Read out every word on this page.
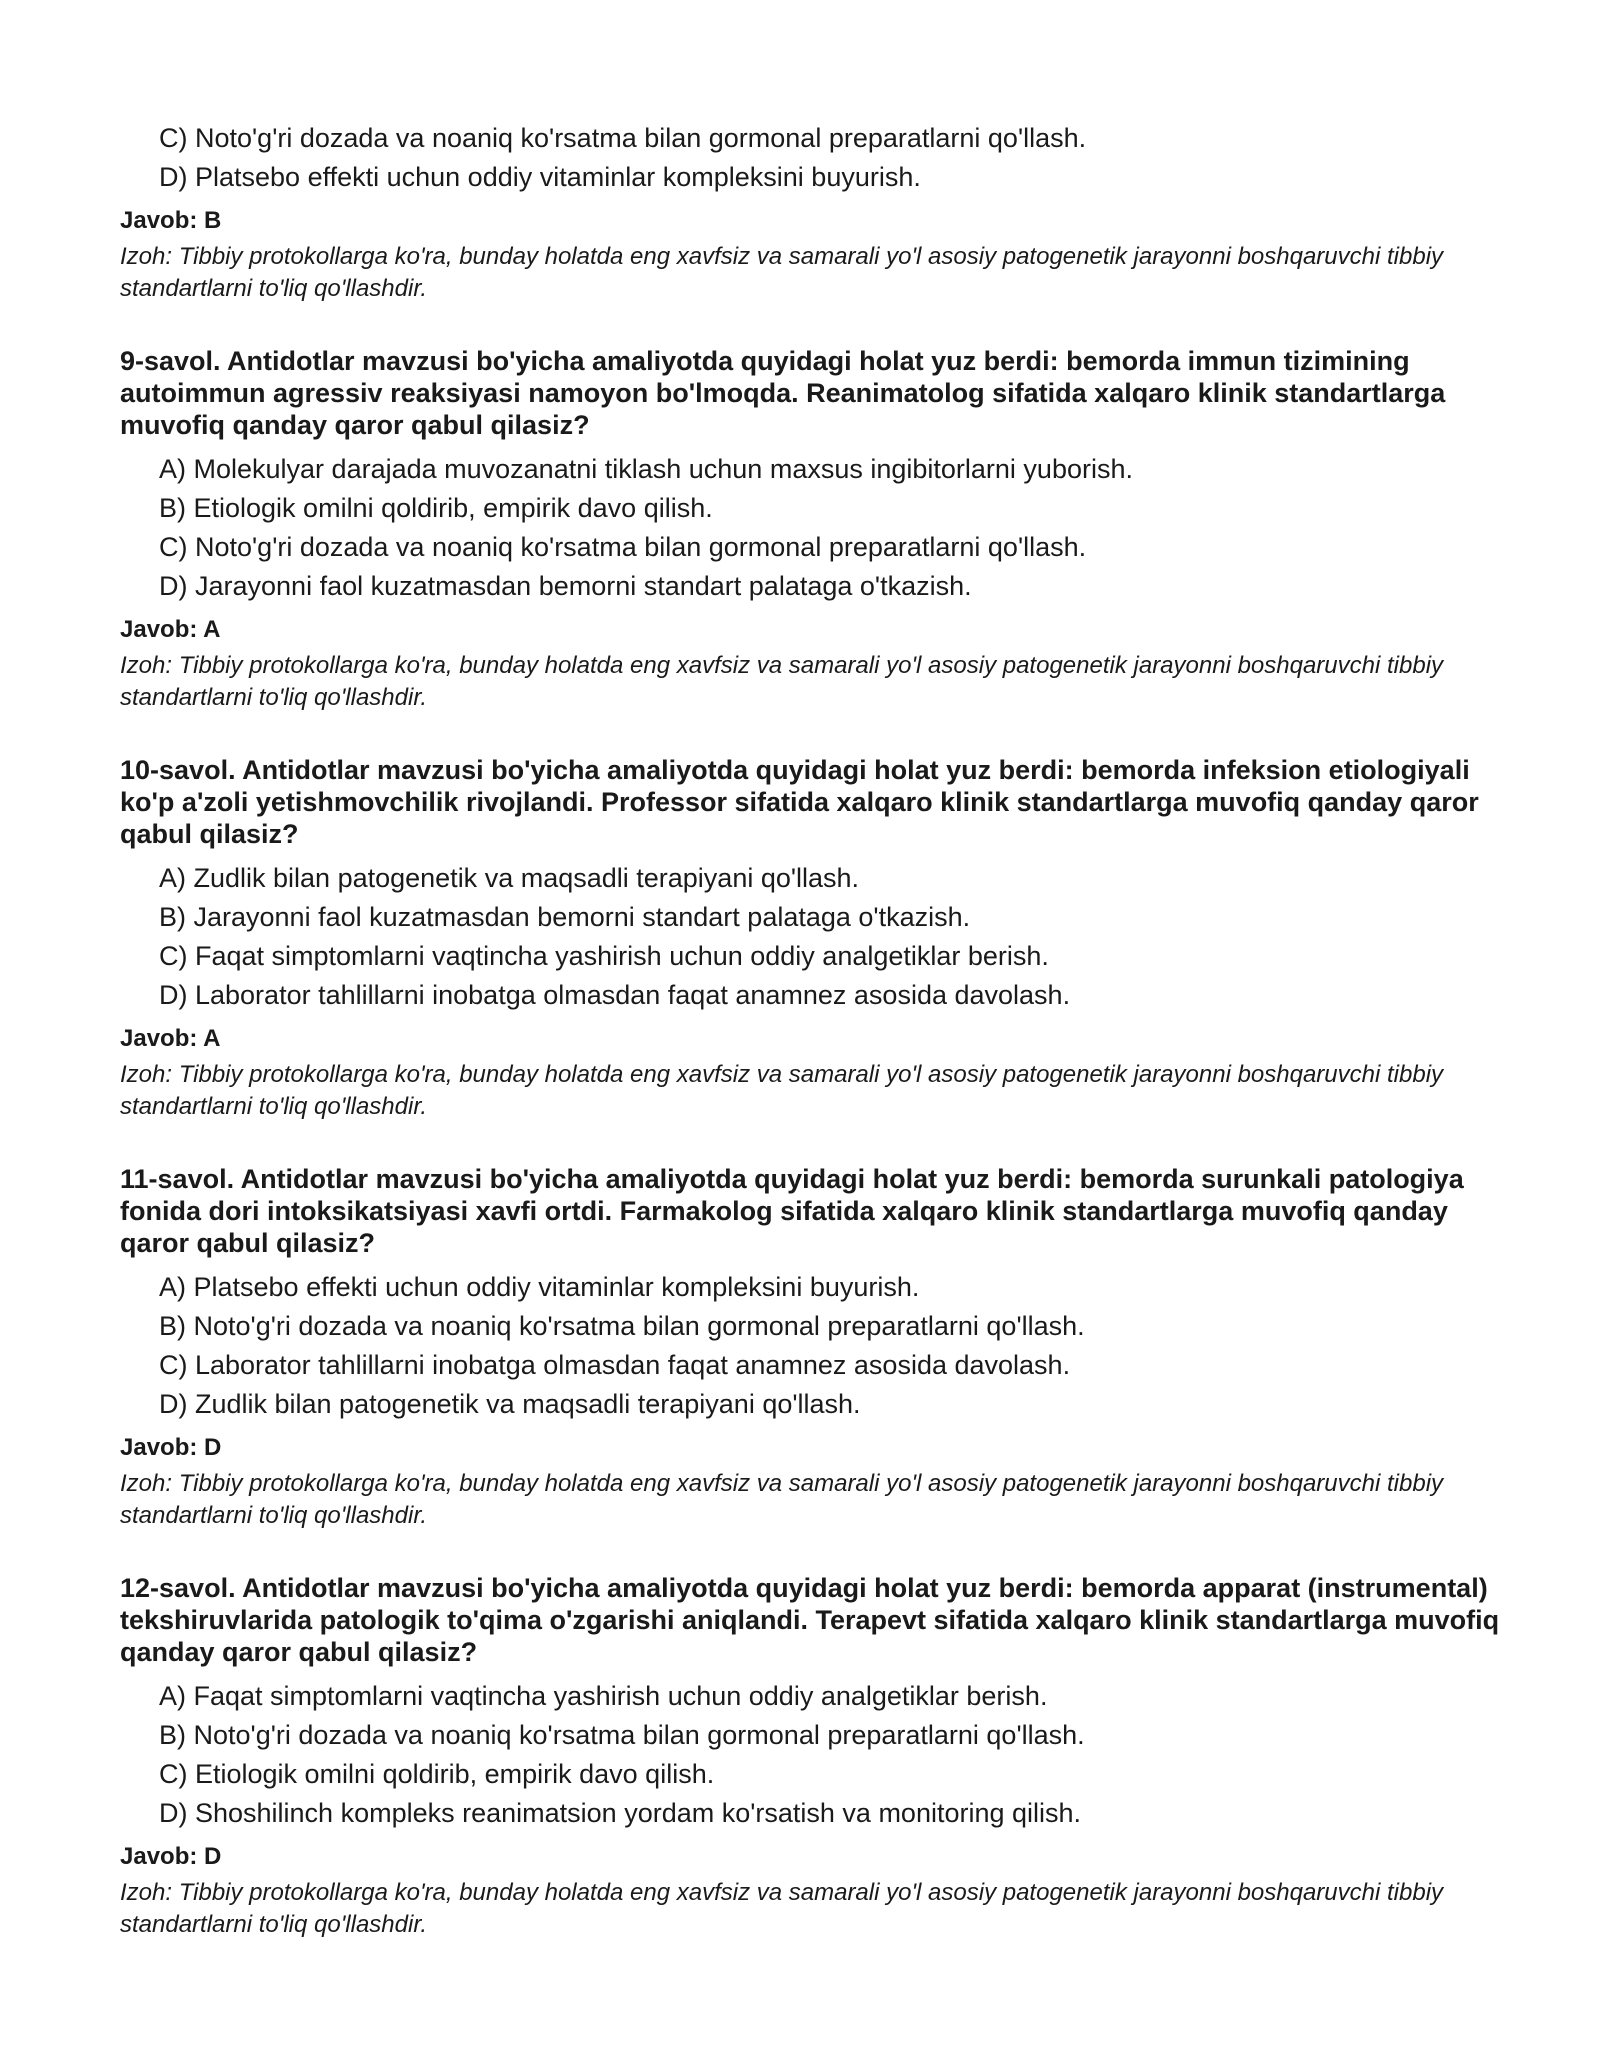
C) Noto'g'ri dozada va noaniq ko'rsatma bilan gormonal preparatlarni qo'llash.
D) Platsebo effekti uchun oddiy vitaminlar kompleksini buyurish.
Javob: B
Izoh: Tibbiy protokollarga ko'ra, bunday holatda eng xavfsiz va samarali yo'l asosiy patogenetik jarayonni boshqaruvchi tibbiy standartlarni to'liq qo'llashdir.
9-savol. Antidotlar mavzusi bo'yicha amaliyotda quyidagi holat yuz berdi: bemorda immun tizimining autoimmun agressiv reaksiyasi namoyon bo'lmoqda. Reanimatolog sifatida xalqaro klinik standartlarga muvofiq qanday qaror qabul qilasiz?
A) Molekulyar darajada muvozanatni tiklash uchun maxsus ingibitorlarni yuborish.
B) Etiologik omilni qoldirib, empirik davo qilish.
C) Noto'g'ri dozada va noaniq ko'rsatma bilan gormonal preparatlarni qo'llash.
D) Jarayonni faol kuzatmasdan bemorni standart palataga o'tkazish.
Javob: A
Izoh: Tibbiy protokollarga ko'ra, bunday holatda eng xavfsiz va samarali yo'l asosiy patogenetik jarayonni boshqaruvchi tibbiy standartlarni to'liq qo'llashdir.
10-savol. Antidotlar mavzusi bo'yicha amaliyotda quyidagi holat yuz berdi: bemorda infeksion etiologiyali ko'p a'zoli yetishmovchilik rivojlandi. Professor sifatida xalqaro klinik standartlarga muvofiq qanday qaror qabul qilasiz?
A) Zudlik bilan patogenetik va maqsadli terapiyani qo'llash.
B) Jarayonni faol kuzatmasdan bemorni standart palataga o'tkazish.
C) Faqat simptomlarni vaqtincha yashirish uchun oddiy analgetiklar berish.
D) Laborator tahlillarni inobatga olmasdan faqat anamnez asosida davolash.
Javob: A
Izoh: Tibbiy protokollarga ko'ra, bunday holatda eng xavfsiz va samarali yo'l asosiy patogenetik jarayonni boshqaruvchi tibbiy standartlarni to'liq qo'llashdir.
11-savol. Antidotlar mavzusi bo'yicha amaliyotda quyidagi holat yuz berdi: bemorda surunkali patologiya fonida dori intoksikatsiyasi xavfi ortdi. Farmakolog sifatida xalqaro klinik standartlarga muvofiq qanday qaror qabul qilasiz?
A) Platsebo effekti uchun oddiy vitaminlar kompleksini buyurish.
B) Noto'g'ri dozada va noaniq ko'rsatma bilan gormonal preparatlarni qo'llash.
C) Laborator tahlillarni inobatga olmasdan faqat anamnez asosida davolash.
D) Zudlik bilan patogenetik va maqsadli terapiyani qo'llash.
Javob: D
Izoh: Tibbiy protokollarga ko'ra, bunday holatda eng xavfsiz va samarali yo'l asosiy patogenetik jarayonni boshqaruvchi tibbiy standartlarni to'liq qo'llashdir.
12-savol. Antidotlar mavzusi bo'yicha amaliyotda quyidagi holat yuz berdi: bemorda apparat (instrumental) tekshiruvlarida patologik to'qima o'zgarishi aniqlandi. Terapevt sifatida xalqaro klinik standartlarga muvofiq qanday qaror qabul qilasiz?
A) Faqat simptomlarni vaqtincha yashirish uchun oddiy analgetiklar berish.
B) Noto'g'ri dozada va noaniq ko'rsatma bilan gormonal preparatlarni qo'llash.
C) Etiologik omilni qoldirib, empirik davo qilish.
D) Shoshilinch kompleks reanimatsion yordam ko'rsatish va monitoring qilish.
Javob: D
Izoh: Tibbiy protokollarga ko'ra, bunday holatda eng xavfsiz va samarali yo'l asosiy patogenetik jarayonni boshqaruvchi tibbiy standartlarni to'liq qo'llashdir.
